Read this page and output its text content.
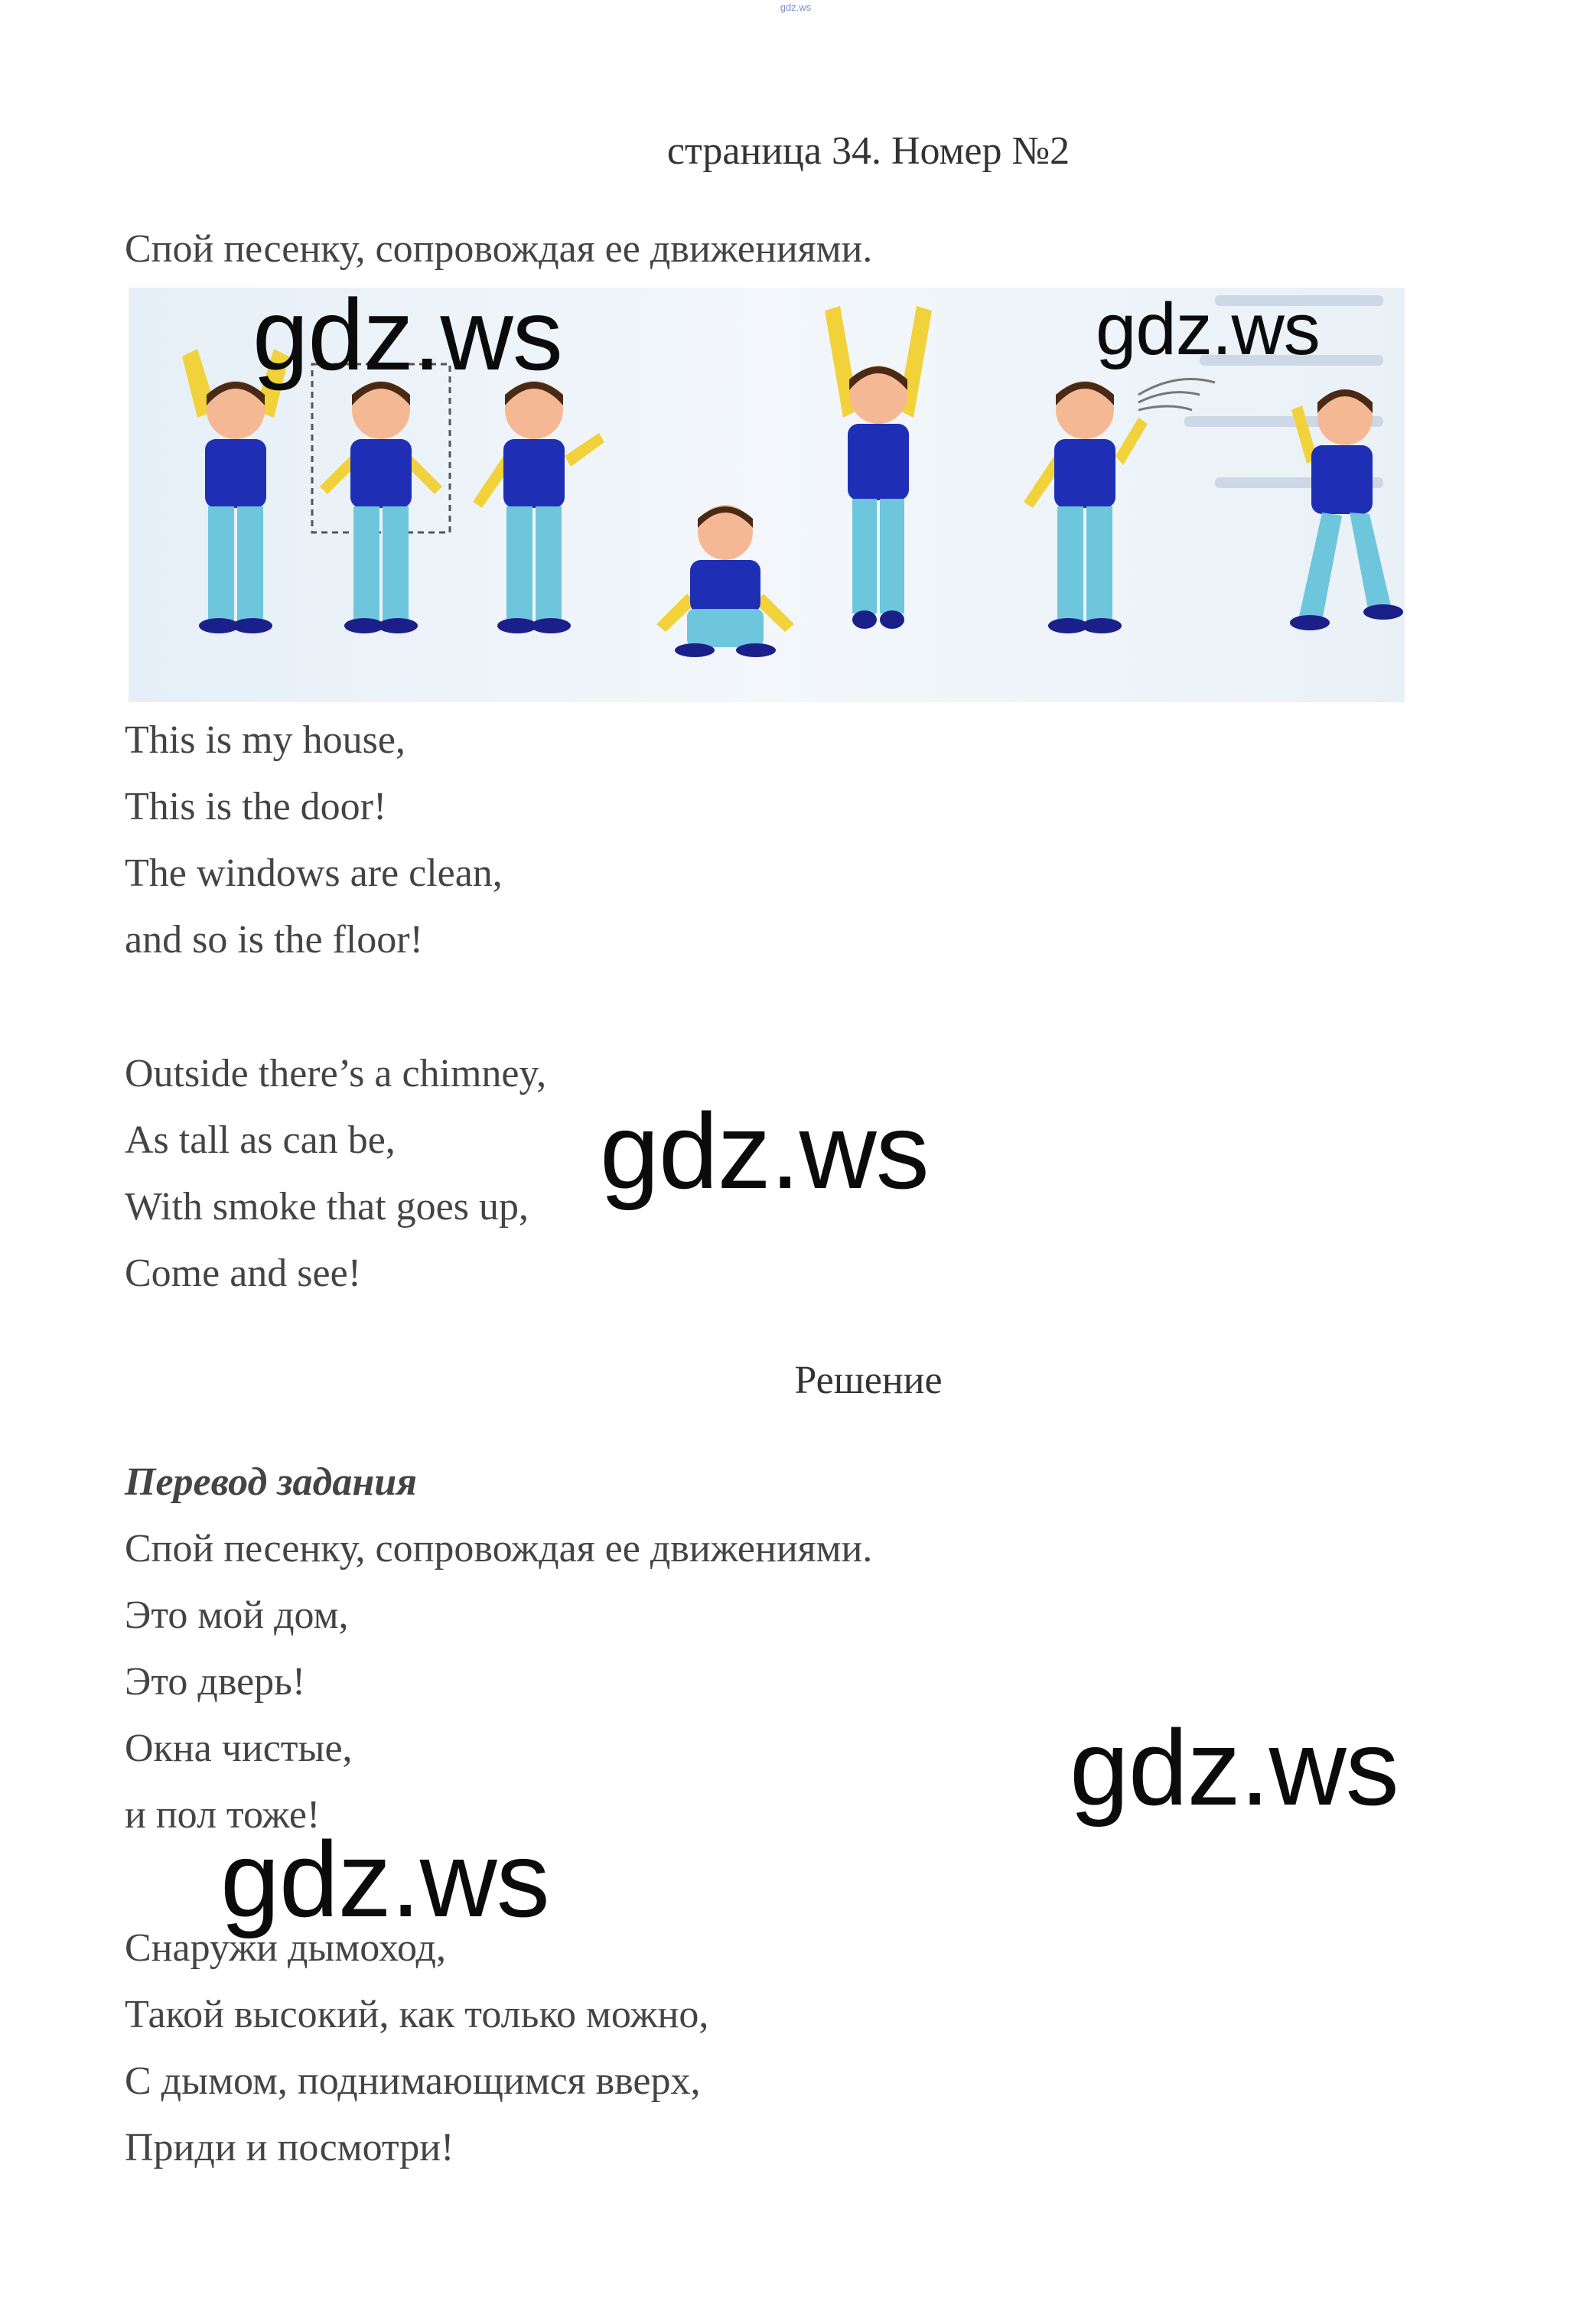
gdz.ws
страница 34. Номер №2
Спой песенку, сопровождая ее движениями.
This is my house,
This is the door!
The windows are clean,
and so is the floor!
Outside there’s a chimney,
As tall as can be,
With smoke that goes up,
Come and see!
Решение
Перевод задания
Спой песенку, сопровождая ее движениями.
Это мой дом,
Это дверь!
Окна чистые,
и пол тоже!
Снаружи дымоход,
Такой высокий, как только можно,
С дымом, поднимающимся вверх,
Приди и посмотри!
gdz.ws	gdz.ws
gdz.ws
gdz.ws
gdz.ws
